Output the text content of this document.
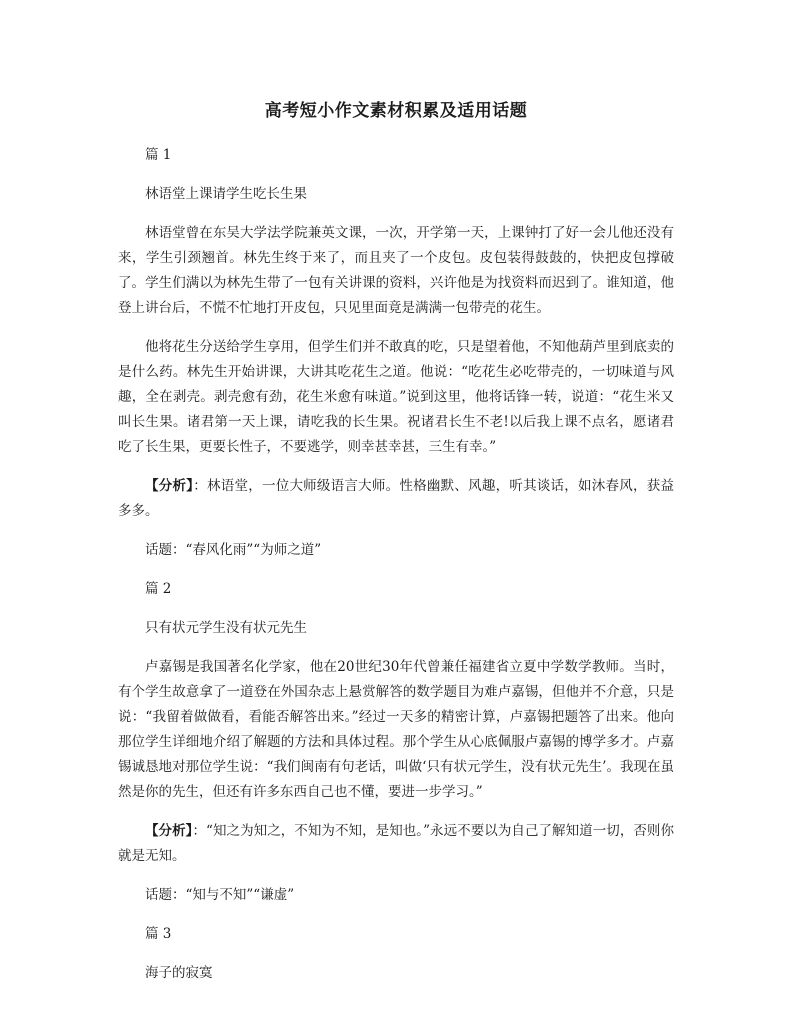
高考短小作文素材积累及适用话题
篇 1
林语堂上课请学生吃长生果
林语堂曾在东吴大学法学院兼英文课，一次，开学第一天，上课钟打了好一会儿他还没有来，学生引颈翘首。林先生终于来了，而且夹了一个皮包。皮包装得鼓鼓的，快把皮包撑破了。学生们满以为林先生带了一包有关讲课的资料，兴许他是为找资料而迟到了。谁知道，他登上讲台后，不慌不忙地打开皮包，只见里面竟是满满一包带壳的花生。
他将花生分送给学生享用，但学生们并不敢真的吃，只是望着他，不知他葫芦里到底卖的是什么药。林先生开始讲课，大讲其吃花生之道。他说：“吃花生必吃带壳的，一切味道与风趣，全在剥壳。剥壳愈有劲，花生米愈有味道。”说到这里，他将话锋一转，说道：“花生米又叫长生果。诸君第一天上课，请吃我的长生果。祝诸君长生不老!以后我上课不点名，愿诸君吃了长生果，更要长性子，不要逃学，则幸甚幸甚，三生有幸。”
【分析】：林语堂，一位大师级语言大师。性格幽默、风趣，听其谈话，如沐春风，获益多多。
话题：“春风化雨”“为师之道”
篇 2
只有状元学生没有状元先生
卢嘉锡是我国著名化学家，他在20世纪30年代曾兼任福建省立夏中学数学教师。当时，有个学生故意拿了一道登在外国杂志上悬赏解答的数学题目为难卢嘉锡，但他并不介意，只是说：“我留着做做看，看能否解答出来。”经过一天多的精密计算，卢嘉锡把题答了出来。他向那位学生详细地介绍了解题的方法和具体过程。那个学生从心底佩服卢嘉锡的博学多才。卢嘉锡诚恳地对那位学生说：“我们闽南有句老话，叫做‘只有状元学生，没有状元先生’。我现在虽然是你的先生，但还有许多东西自己也不懂，要进一步学习。”
【分析】：“知之为知之，不知为不知，是知也。”永远不要以为自己了解知道一切，否则你就是无知。
话题：“知与不知”“谦虚”
篇 3
海子的寂寞
